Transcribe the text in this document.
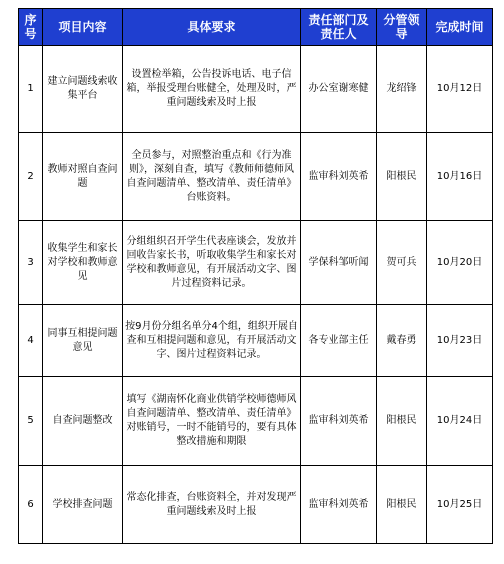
序号	项目内容	具体要求	责任部门及责任人	分管领导	完成时间
1	建立问题线索收集平台	设置检举箱，公告投诉电话、电子信箱，举报受理台账健全，处理及时，严重问题线索及时上报	办公室谢寒健	龙绍锋	10月12日
2	教师对照自查问题	全员参与，对照整治重点和《行为准则》，深刻自查，填写《教师师德师风自查问题清单、整改清单、责任清单》台账资料。	监审科刘英希	阳根民	10月16日
3	收集学生和家长对学校和教师意见	分组组织召开学生代表座谈会，发放并回收告家长书，听取收集学生和家长对学校和教师意见，有开展活动文字、图片过程资料记录。	学保科邹听闻	贺可兵	10月20日
4	同事互相提问题意见	按9月份分组名单分4个组，组织开展自查和互相提问题和意见，有开展活动文字、图片过程资料记录。	各专业部主任	戴春勇	10月23日
5	自查问题整改	填写《湖南怀化商业供销学校师德师风自查问题清单、整改清单、责任清单》对账销号，一时不能销号的，要有具体整改措施和期限	监审科刘英希	阳根民	10月24日
6	学校排查问题	常态化排查，台账资料全，并对发现严重问题线索及时上报	监审科刘英希	阳根民	10月25日
